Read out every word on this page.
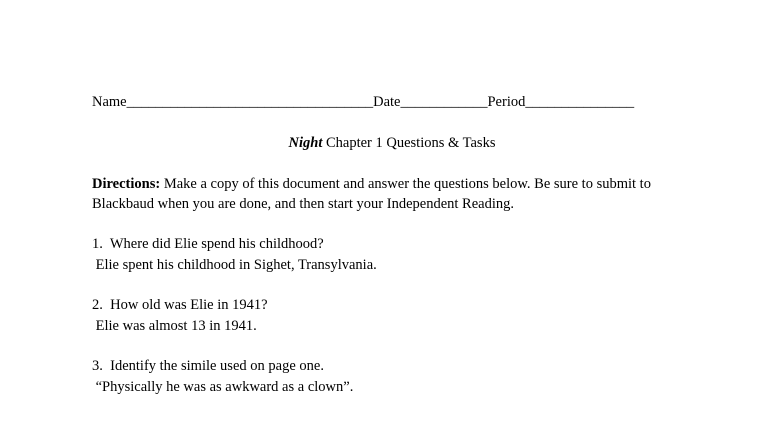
Name__________________________________Date____________Period_______________
Night Chapter 1 Questions & Tasks
Directions: Make a copy of this document and answer the questions below. Be sure to submit to
Blackbaud when you are done, and then start your Independent Reading.
1.  Where did Elie spend his childhood?
Elie spent his childhood in Sighet, Transylvania.
2.  How old was Elie in 1941?
Elie was almost 13 in 1941.
3.  Identify the simile used on page one.
“Physically he was as awkward as a clown”.
